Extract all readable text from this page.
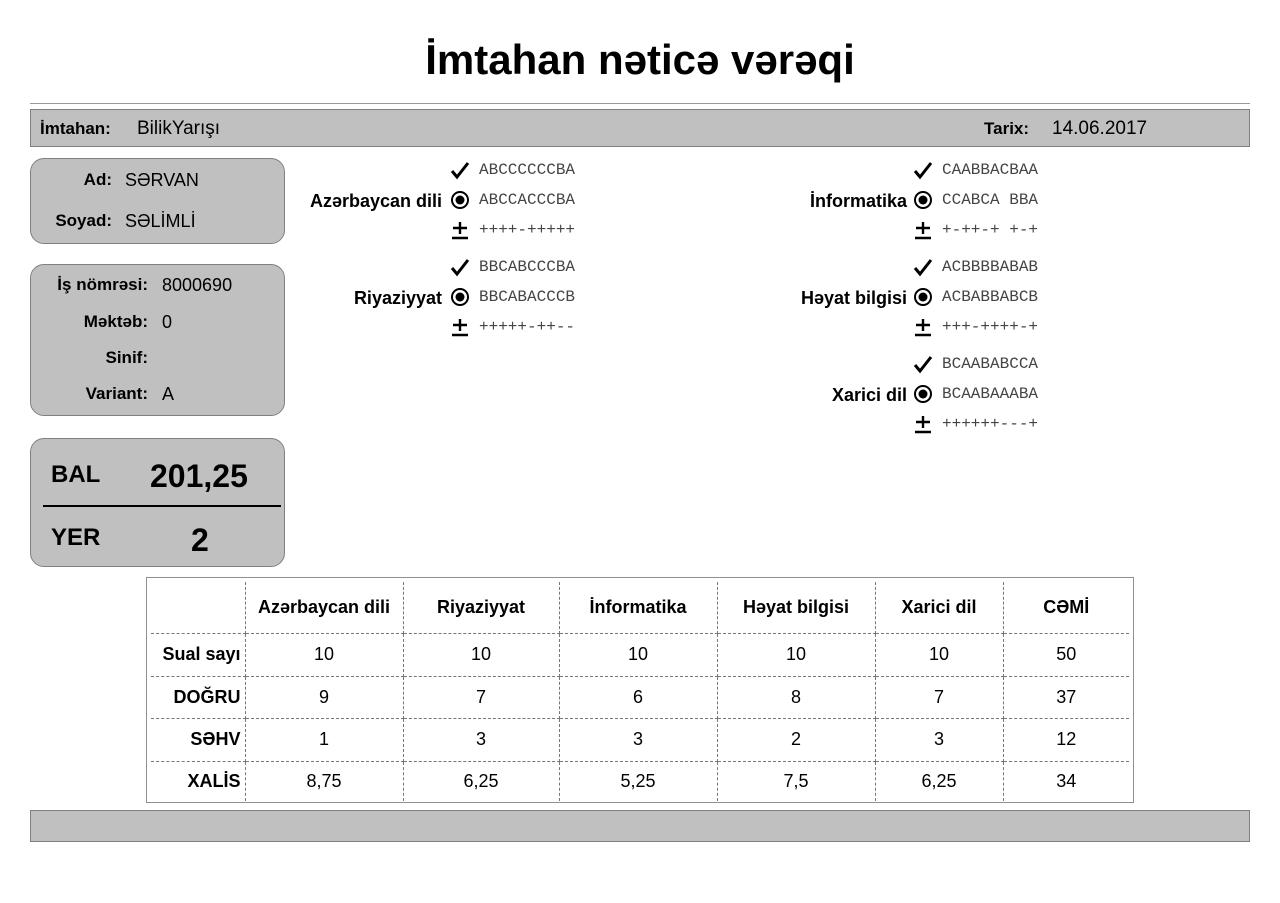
İmtahan nəticə vərəqi
İmtahan: BilikYarışı	Tarix: 14.06.2017
Ad: SƏRVAN
Soyad: SƏLİMLİ
İş nömrəsi: 8000690
Məktəb: 0
Sinif:
Variant: A
BAL 201,25
YER	2
Azərbaycan dili
ABCCCCCCBA
ABCCACCCBA
++++-+++++
Riyaziyyat
BBCABCCCBA
BBCABACCCB
+++++-++--
İnformatika
CAABBACBAA
CCABCA BBA
+-++-+ +-+
Həyat bilgisi
ACBBBBABAB
ACBABBABCB
+++-++++-+
Xarici dil
BCAABABCCA
BCAABAAABA
++++++---+
	Azərbaycan dili	Riyaziyyat	İnformatika	Həyat bilgisi	Xarici dil	CƏMİ
Sual sayı	10	10	10	10	10	50
DOĞRU	9	7	6	8	7	37
SƏHV	1	3	3	2	3	12
XALİS	8,75	6,25	5,25	7,5	6,25	34
